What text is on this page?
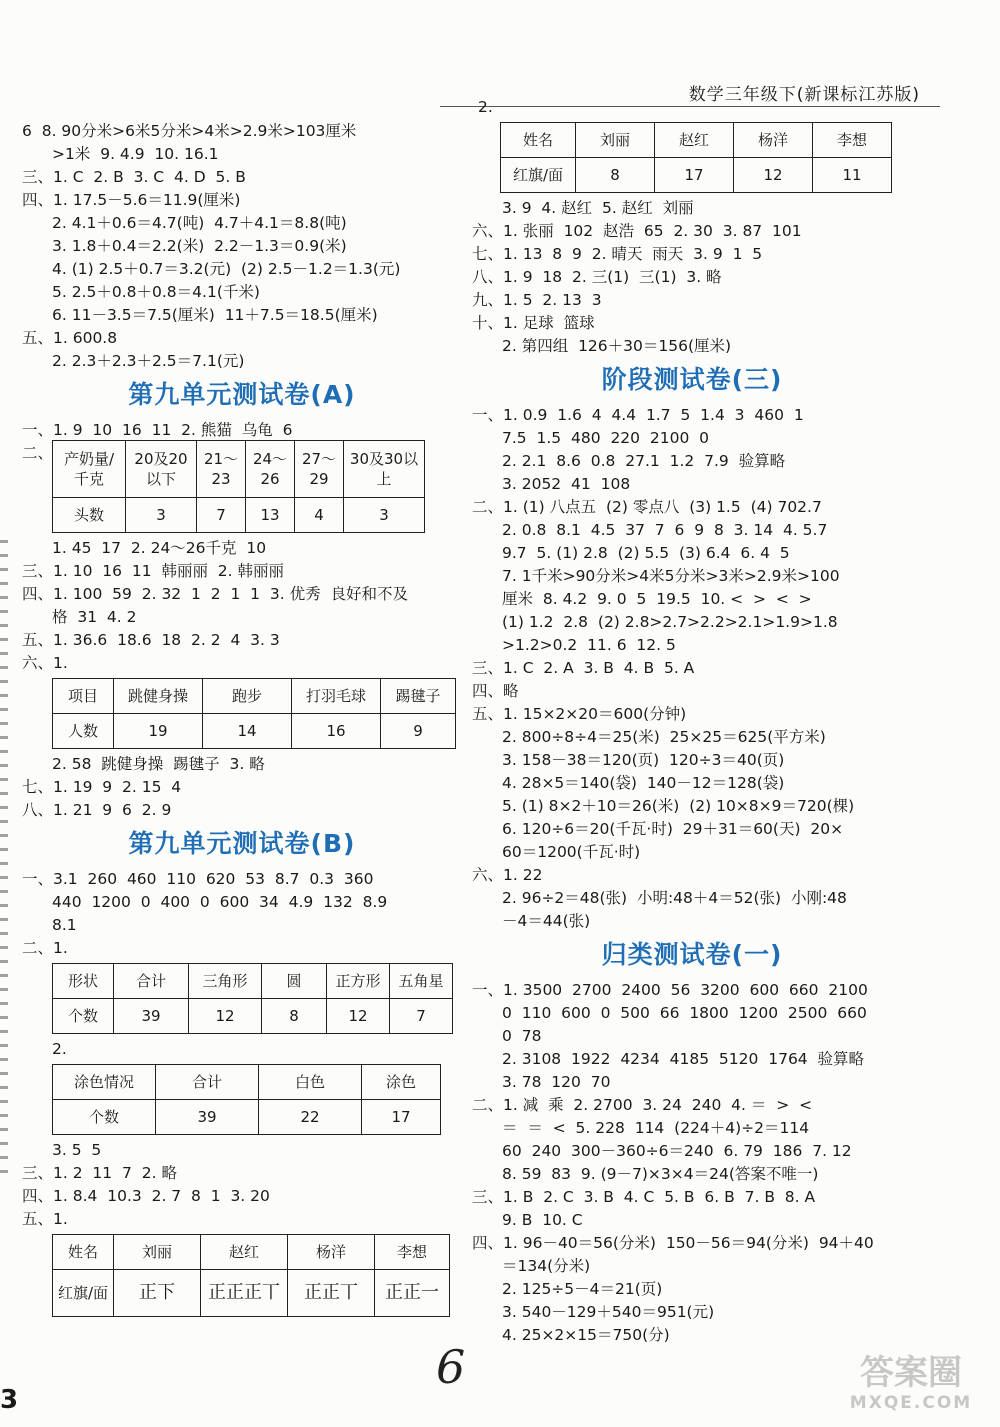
数学三年级下(新课标江苏版)
6  8. 90分米>6米5分米>4米>2.9米>103厘米
>1米  9. 4.9  10. 16.1
三、1. C  2. B  3. C  4. D  5. B
四、1. 17.5－5.6＝11.9(厘米)
2. 4.1＋0.6＝4.7(吨)  4.7＋4.1＝8.8(吨)
3. 1.8＋0.4＝2.2(米)  2.2－1.3＝0.9(米)
4. (1) 2.5＋0.7＝3.2(元)  (2) 2.5－1.2＝1.3(元)
5. 2.5＋0.8＋0.8＝4.1(千米)
6. 11－3.5＝7.5(厘米)  11＋7.5＝18.5(厘米)
五、1. 600.8
2. 2.3＋2.3＋2.5＝7.1(元)
第九单元测试卷(A)
一、1. 9  10  16  11  2. 熊猫  乌龟  6
二、 产奶量/千克	20及20以下	21～23	24～26	27～29	30及30以上
头数	3	7	13	4	3
1. 45  17  2. 24～26千克  10
三、1. 10  16  11  韩丽丽  2. 韩丽丽
四、1. 100  59  2. 32  1  2  1  1  3. 优秀  良好和不及
格  31  4. 2
五、1. 36.6  18.6  18  2. 2  4  3. 3
六、1.
项目	跳健身操	跑步	打羽毛球	踢毽子
人数	19	14	16	9
2. 58  跳健身操  踢毽子  3. 略
七、1. 19  9  2. 15  4
八、1. 21  9  6  2. 9
第九单元测试卷(B)
一、3.1  260  460  110  620  53  8.7  0.3  360
440  1200  0  400  0  600  34  4.9  132  8.9
8.1
二、1.
形状	合计	三角形	圆	正方形	五角星
个数	39	12	8	12	7
2.
涂色情况	合计	白色	涂色
个数	39	22	17
3. 5  5
三、1. 2  11  7  2. 略
四、1. 8.4  10.3  2. 7  8  1  3. 20
五、1.
姓名	刘丽	赵红	杨洋	李想
红旗/面	正下	正正正丅	正正丅	正正一
2.
姓名	刘丽	赵红	杨洋	李想
红旗/面	8	17	12	11
3. 9  4. 赵红  5. 赵红  刘丽
六、1. 张丽  102  赵浩  65  2. 30  3. 87  101
七、1. 13  8  9  2. 晴天  雨天  3. 9  1  5
八、1. 9  18  2. 三(1)  三(1)  3. 略
九、1. 5  2. 13  3
十、1. 足球  篮球
2. 第四组  126＋30＝156(厘米)
阶段测试卷(三)
一、1. 0.9  1.6  4  4.4  1.7  5  1.4  3  460  1
7.5  1.5  480  220  2100  0
2. 2.1  8.6  0.8  27.1  1.2  7.9  验算略
3. 2052  41  108
二、1. (1) 八点五  (2) 零点八  (3) 1.5  (4) 702.7
2. 0.8  8.1  4.5  37  7  6  9  8  3. 14  4. 5.7
9.7  5. (1) 2.8  (2) 5.5  (3) 6.4  6. 4  5
7. 1千米>90分米>4米5分米>3米>2.9米>100
厘米  8. 4.2  9. 0  5  19.5  10. <  >  <  >
(1) 1.2  2.8  (2) 2.8>2.7>2.2>2.1>1.9>1.8
>1.2>0.2  11. 6  12. 5
三、1. C  2. A  3. B  4. B  5. A
四、略
五、1. 15×2×20＝600(分钟)
2. 800÷8÷4＝25(米)  25×25＝625(平方米)
3. 158－38＝120(页)  120÷3＝40(页)
4. 28×5＝140(袋)  140－12＝128(袋)
5. (1) 8×2＋10＝26(米)  (2) 10×8×9＝720(棵)
6. 120÷6＝20(千瓦·时)  29＋31＝60(天)  20×
60＝1200(千瓦·时)
六、1. 22
2. 96÷2＝48(张)  小明:48＋4＝52(张)  小刚:48
－4＝44(张)
归类测试卷(一)
一、1. 3500  2700  2400  56  3200  600  660  2100
0  110  600  0  500  66  1800  1200  2500  660
0  78
2. 3108  1922  4234  4185  5120  1764  验算略
3. 78  120  70
二、1. 减  乘  2. 2700  3. 24  240  4. ＝  >  <
＝  ＝  <  5. 228  114  (224＋4)÷2＝114
60  240  300－360÷6＝240  6. 79  186  7. 12
8. 59  83  9. (9－7)×3×4＝24(答案不唯一)
三、1. B  2. C  3. B  4. C  5. B  6. B  7. B  8. A
9. B  10. C
四、1. 96－40＝56(分米)  150－56＝94(分米)  94＋40
＝134(分米)
2. 125÷5－4＝21(页)
3. 540－129＋540＝951(元)
4. 25×2×15＝750(分)
3
6	答案圈
MXQE.COM
